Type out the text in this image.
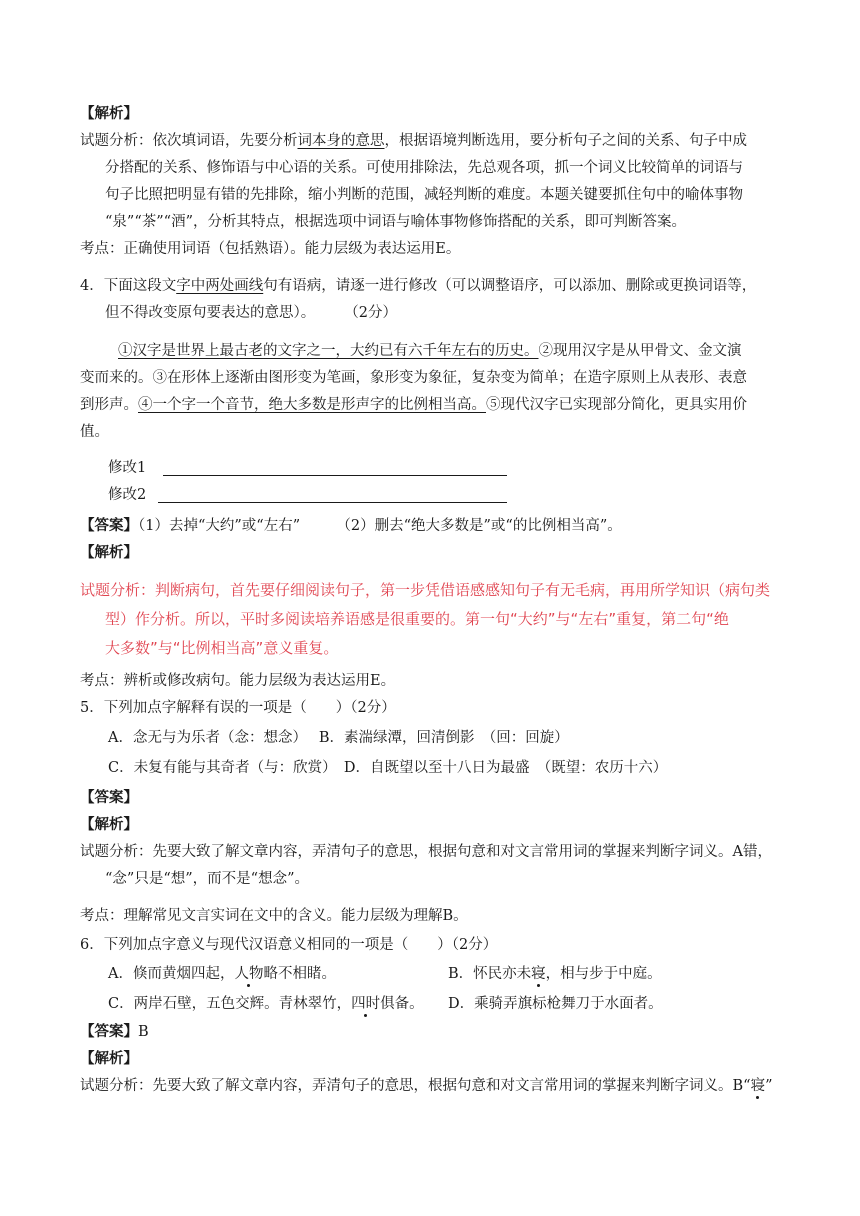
【解析】
试题分析：依次填词语，先要分析词本身的意思，根据语境判断选用，要分析句子之间的关系、句子中成
分搭配的关系、修饰语与中心语的关系。可使用排除法，先总观各项，抓一个词义比较简单的词语与
句子比照把明显有错的先排除，缩小判断的范围，减轻判断的难度。本题关键要抓住句中的喻体事物
“泉”“茶”“酒”，分析其特点，根据选项中词语与喻体事物修饰搭配的关系，即可判断答案。
考点：正确使用词语（包括熟语）。能力层级为表达运用E。
4．下面这段文字中两处画线句有语病，请逐一进行修改（可以调整语序，可以添加、删除或更换词语等，
但不得改变原句要表达的意思）。　　　（2分）
①汉字是世界上最古老的文字之一，大约已有六千年左右的历史。②现用汉字是从甲骨文、金文演
变而来的。③在形体上逐渐由图形变为笔画，象形变为象征，复杂变为简单；在造字原则上从表形、表意
到形声。④一个字一个音节，绝大多数是形声字的比例相当高。⑤现代汉字已实现部分简化，更具实用价
值。
修改1
修改2
【答案】（1）去掉“大约”或“左右”　　　（2）删去“绝大多数是”或“的比例相当高”。
【解析】
试题分析：判断病句，首先要仔细阅读句子，第一步凭借语感感知句子有无毛病，再用所学知识（病句类
型）作分析。所以，平时多阅读培养语感是很重要的。第一句“大约”与“左右”重复，第二句“绝
大多数”与“比例相当高”意义重复。
考点：辨析或修改病句。能力层级为表达运用E。
5．下列加点字解释有误的一项是（　　）（2分）
A．念无与为乐者（念：想念）　 B．素湍绿潭，回清倒影　（回：回旋）
C．未复有能与其奇者（与：欣赏）　D．自既望以至十八日为最盛　（既望：农历十六）
【答案】
【解析】
试题分析：先要大致了解文章内容，弄清句子的意思，根据句意和对文言常用词的掌握来判断字词义。A错，
“念”只是“想”，而不是“想念”。
考点：理解常见文言实词在文中的含义。能力层级为理解B。
6．下列加点字意义与现代汉语意义相同的一项是（　　）（2分）
A．倏而黄烟四起，人物略不相睹。	B．怀民亦未寝，相与步于中庭。
C．两岸石壁，五色交辉。青林翠竹，四时俱备。 D．乘骑弄旗标枪舞刀于水面者。
【答案】B
【解析】
试题分析：先要大致了解文章内容，弄清句子的意思，根据句意和对文言常用词的掌握来判断字词义。B“寝”
